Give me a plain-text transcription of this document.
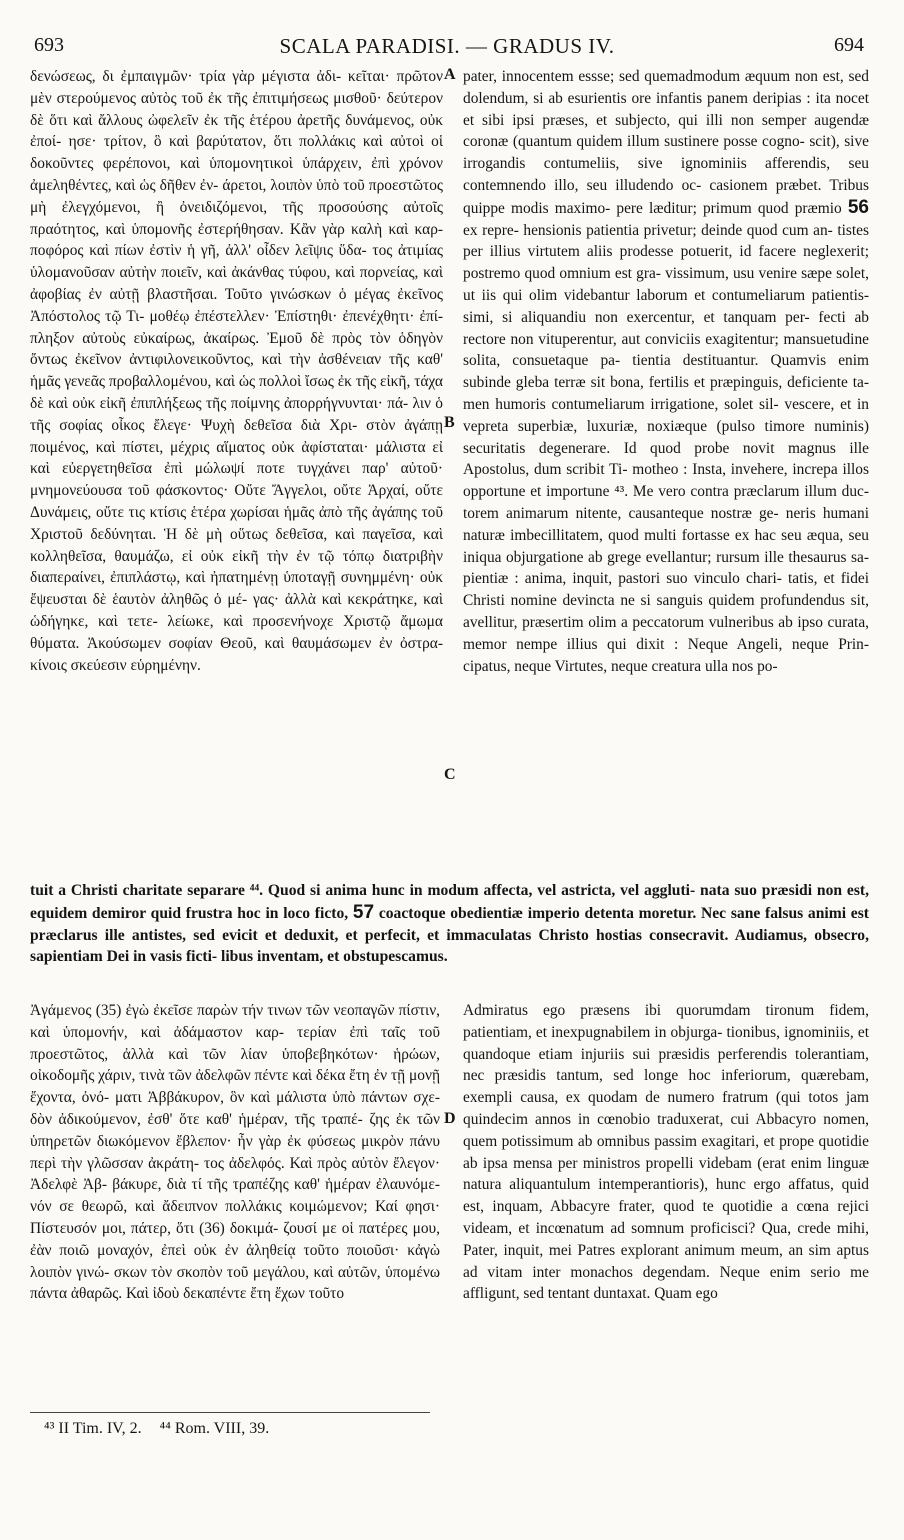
693	SCALA PARADISI. — GRADUS IV.	694

δενώσεως, δι ἐμπαιγμῶν· τρία γὰρ μέγιστα ἀδι- κεῖται· πρῶτον μὲν στερούμενος αὐτὸς τοῦ ἐκ τῆς ἐπιτιμήσεως μισθοῦ· δεύτερον δὲ ὅτι καὶ ἄλλους ὠφελεῖν ἐκ τῆς ἑτέρου ἀρετῆς δυνάμενος, οὐκ ἐποί- ησε· τρίτον, ὃ καὶ βαρύτατον, ὅτι πολλάκις καὶ αὐτοὶ οἱ δοκοῦντες φερέπονοι, καὶ ὑπομονητικοὶ ὑπάρχειν, ἐπὶ χρόνον ἀμεληθέντες, καὶ ὡς δῆθεν ἐν- άρετοι, λοιπὸν ὑπὸ τοῦ προεστῶτος μὴ ἐλεγχόμενοι, ἢ ὀνειδιζόμενοι, τῆς προσούσης αὐτοῖς πραότητος, καὶ ὑπομονῆς ἐστερήθησαν. Κἂν γὰρ καλὴ καὶ καρ- ποφόρος καὶ πίων ἐστὶν ἡ γῆ, ἀλλ' οἶδεν λεῖψις ὕδα- τος ἀτιμίας ὑλομανοῦσαν αὐτὴν ποιεῖν, καὶ ἀκάνθας τύφου, καὶ πορνείας, καὶ ἀφοβίας ἐν αὐτῇ βλαστῆσαι. Τοῦτο γινώσκων ὁ μέγας ἐκεῖνος Ἀπόστολος τῷ Τι- μοθέῳ ἐπέστελλεν· Ἐπίστηθι· ἐπενέχθητι· ἐπί- πληξον αὐτοὺς εὐκαίρως, ἀκαίρως. Ἐμοῦ δὲ πρὸς τὸν ὁδηγὸν ὄντως ἐκεῖνον ἀντιφιλονεικοῦντος, καὶ τὴν ἀσθένειαν τῆς καθ' ἡμᾶς γενεᾶς προβαλλομένου, καὶ ὡς πολλοὶ ἴσως ἐκ τῆς εἰκῆ, τάχα δὲ καὶ οὐκ εἰκῆ ἐπιπλήξεως τῆς ποίμνης ἀπορρήγνυνται· πά- λιν ὁ τῆς σοφίας οἶκος ἔλεγε· Ψυχὴ δεθεῖσα διὰ Χρι- στὸν ἀγάπῃ ποιμένος, καὶ πίστει, μέχρις αἵματος οὐκ ἀφίσταται· μάλιστα εἰ καὶ εὐεργετηθεῖσα ἐπὶ μώλωψί ποτε τυγχάνει παρ' αὐτοῦ· μνημονεύουσα τοῦ φάσκοντος· Οὔτε Ἄγγελοι, οὔτε Ἀρχαί, οὔτε Δυνάμεις, οὔτε τις κτίσις ἑτέρα χωρίσαι ἡμᾶς ἀπὸ τῆς ἀγάπης τοῦ Χριστοῦ δεδύνηται. Ἡ δὲ μὴ οὕτως δεθεῖσα, καὶ παγεῖσα, καὶ κολληθεῖσα, θαυμάζω, εἰ οὐκ εἰκῆ τὴν ἐν τῷ τόπῳ διατριβὴν διαπεραίνει, ἐπιπλάστῳ, καὶ ἠπατημένῃ ὑποταγῇ συνημμένη· οὐκ ἔψευσται δὲ ἑαυτὸν ἀληθῶς ὁ μέ- γας· ἀλλὰ καὶ κεκράτηκε, καὶ ὡδήγηκε, καὶ τετε- λείωκε, καὶ προσενήνοχε Χριστῷ ἄμωμα θύματα. Ἀκούσωμεν σοφίαν Θεοῦ, καὶ θαυμάσωμεν ἐν ὀστρα- κίνοις σκεύεσιν εὑρημένην.

A
B
C
D

pater, innocentem essse; sed quemadmodum æquum non est, sed dolendum, si ab esurientis ore infantis panem deripias : ita nocet et sibi ipsi præses, et subjecto, qui illi non semper augendæ coronæ (quantum quidem illum sustinere posse cogno- scit), sive irrogandis contumeliis, sive ignominiis afferendis, seu contemnendo illo, seu illudendo oc- casionem præbet. Tribus quippe modis maximo- pere læditur; primum quod præmio 56 ex repre- hensionis patientia privetur; deinde quod cum an- tistes per illius virtutem aliis prodesse potuerit, id facere neglexerit; postremo quod omnium est gra- vissimum, usu venire sæpe solet, ut iis qui olim videbantur laborum et contumeliarum patientis- simi, si aliquandiu non exercentur, et tanquam per- fecti ab rectore non vituperentur, aut conviciis exagitentur; mansuetudine solita, consuetaque pa- tientia destituantur. Quamvis enim subinde gleba terræ sit bona, fertilis et præpinguis, deficiente ta- men humoris contumeliarum irrigatione, solet sil- vescere, et in vepreta superbiæ, luxuriæ, noxiæque (pulso timore numinis) securitatis degenerare. Id quod probe novit magnus ille Apostolus, dum scribit Ti- motheo : Insta, invehere, increpa illos opportune et importune ⁴³. Me vero contra præclarum illum duc- torem animarum nitente, causanteque nostræ ge- neris humani naturæ imbecillitatem, quod multi fortasse ex hac seu æqua, seu iniqua objurgatione ab grege evellantur; rursum ille thesaurus sa- pientiæ : anima, inquit, pastori suo vinculo chari- tatis, et fidei Christi nomine devincta ne si sanguis quidem profundendus sit, avellitur, præsertim olim a peccatorum vulneribus ab ipso curata, memor nempe illius qui dixit : Neque Angeli, neque Prin- cipatus, neque Virtutes, neque creatura ulla nos po-

tuit a Christi charitate separare ⁴⁴. Quod si anima hunc in modum affecta, vel astricta, vel aggluti- nata suo præsidi non est, equidem demiror quid frustra hoc in loco ficto, 57 coactoque obedientiæ imperio detenta moretur. Nec sane falsus animi est præclarus ille antistes, sed evicit et deduxit, et perfecit, et immaculatas Christo hostias consecravit. Audiamus, obsecro, sapientiam Dei in vasis ficti- libus inventam, et obstupescamus.

Ἀγάμενος (35) ἐγὼ ἐκεῖσε παρὼν τήν τινων τῶν νεοπαγῶν πίστιν, καὶ ὑπομονήν, καὶ ἀδάμαστον καρ- τερίαν ἐπὶ ταῖς τοῦ προεστῶτος, ἀλλὰ καὶ τῶν λίαν ὑποβεβηκότων· ἡρώων, οἰκοδομῆς χάριν, τινὰ τῶν ἀδελφῶν πέντε καὶ δέκα ἔτη ἐν τῇ μονῇ ἔχοντα, ὀνό- ματι Ἀββάκυρον, ὃν καὶ μάλιστα ὑπὸ πάντων σχε- δὸν ἀδικούμενον, ἐσθ' ὅτε καθ' ἡμέραν, τῆς τραπέ- ζης ἐκ τῶν ὑπηρετῶν διωκόμενον ἔβλεπον· ἦν γὰρ ἐκ φύσεως μικρὸν πάνυ περὶ τὴν γλῶσσαν ἀκράτη- τος ἀδελφός. Καὶ πρὸς αὐτὸν ἔλεγον· Ἀδελφὲ Ἀβ- βάκυρε, διὰ τί τῆς τραπέζης καθ' ἡμέραν ἐλαυνόμε- νόν σε θεωρῶ, καὶ ἄδειπνον πολλάκις κοιμώμενον; Καί φησι· Πίστευσόν μοι, πάτερ, ὅτι (36) δοκιμά- ζουσί με οἱ πατέρες μου, ἐὰν ποιῶ μοναχόν, ἐπεὶ οὐκ ἐν ἀληθείᾳ τοῦτο ποιοῦσι· κἀγὼ λοιπὸν γινώ- σκων τὸν σκοπὸν τοῦ μεγάλου, καὶ αὐτῶν, ὑπομένω πάντα ἀθαρῶς. Καὶ ἰδοὺ δεκαπέντε ἔτη ἔχων τοῦτο

Admiratus ego præsens ibi quorumdam tironum fidem, patientiam, et inexpugnabilem in objurga- tionibus, ignominiis, et quandoque etiam injuriis sui præsidis perferendis tolerantiam, nec præsidis tantum, sed longe hoc inferiorum, quærebam, exempli causa, ex quodam de numero fratrum (qui totos jam quindecim annos in cœnobio traduxerat, cui Abbacyro nomen, quem potissimum ab omnibus passim exagitari, et prope quotidie ab ipsa mensa per ministros propelli videbam (erat enim linguæ natura aliquantulum intemperantioris), hunc ergo affatus, quid est, inquam, Abbacyre frater, quod te quotidie a cœna rejici videam, et incœnatum ad somnum proficisci? Qua, crede mihi, Pater, inquit, mei Patres explorant animum meum, an sim aptus ad vitam inter monachos degendam. Neque enim serio me affligunt, sed tentant duntaxat. Quam ego

⁴³ II Tim. IV, 2. ⁴⁴ Rom. VIII, 39.
